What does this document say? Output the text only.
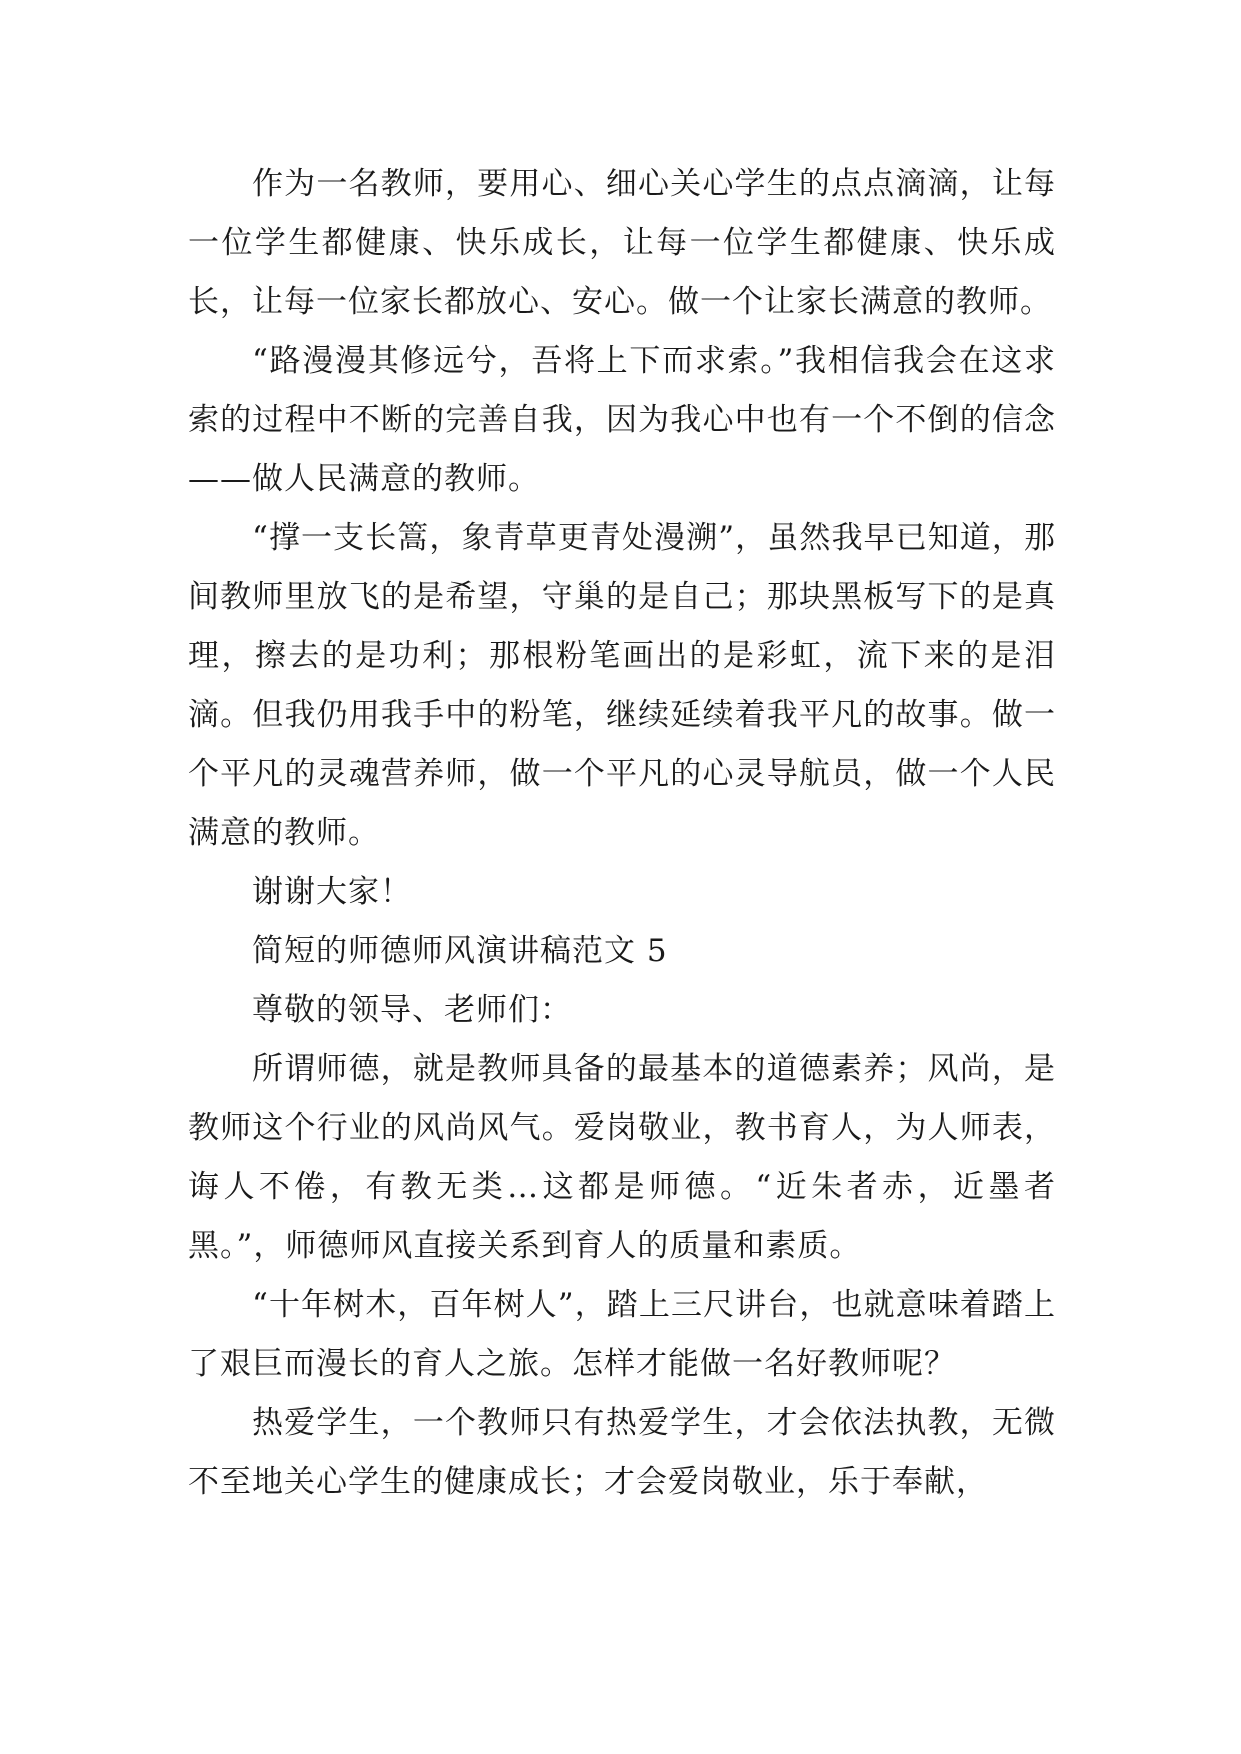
作为一名教师，要用心、细心关心学生的点点滴滴，让每一位学生都健康、快乐成长，让每一位学生都健康、快乐成长，让每一位家长都放心、安心。做一个让家长满意的教师。

“路漫漫其修远兮，吾将上下而求索。”我相信我会在这求索的过程中不断的完善自我，因为我心中也有一个不倒的信念——做人民满意的教师。

“撑一支长篙，象青草更青处漫溯”，虽然我早已知道，那间教师里放飞的是希望，守巢的是自己；那块黑板写下的是真理，擦去的是功利；那根粉笔画出的是彩虹，流下来的是泪滴。但我仍用我手中的粉笔，继续延续着我平凡的故事。做一个平凡的灵魂营养师，做一个平凡的心灵导航员，做一个人民满意的教师。

谢谢大家！

简短的师德师风演讲稿范文 5

尊敬的领导、老师们：

所谓师德，就是教师具备的最基本的道德素养；风尚，是教师这个行业的风尚风气。爱岗敬业，教书育人，为人师表，诲人不倦，有教无类…这都是师德。“近朱者赤，近墨者黑。”，师德师风直接关系到育人的质量和素质。

“十年树木，百年树人”，踏上三尺讲台，也就意味着踏上了艰巨而漫长的育人之旅。怎样才能做一名好教师呢？

热爱学生，一个教师只有热爱学生，才会依法执教，无微不至地关心学生的健康成长；才会爱岗敬业，乐于奉献，
